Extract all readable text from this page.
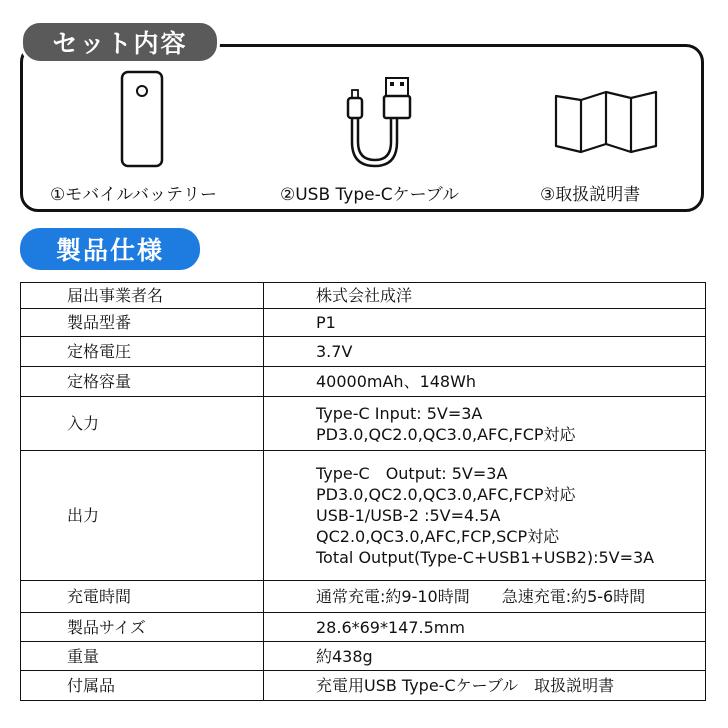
セット内容
①モバイルバッテリー	②USB Type-Cケーブル	③取扱説明書
製品仕様
届出事業者名	株式会社成洋

製品型番	P1

定格電圧	3.7V

定格容量	40000mAh、148Wh

入力	Type-C Input: 5V=3A
PD3.0,QC2.0,QC3.0,AFC,FCP対応

出力	Type-C　Output: 5V=3A
PD3.0,QC2.0,QC3.0,AFC,FCP対応
USB-1/USB-2 :5V=4.5A
QC2.0,QC3.0,AFC,FCP,SCP対応
Total Output(Type-C+USB1+USB2):5V=3A

充電時間	通常充電:約9-10時間　　急速充電:約5-6時間

製品サイズ	28.6*69*147.5mm

重量	約438g

付属品	充電用USB Type-Cケーブル　取扱説明書
